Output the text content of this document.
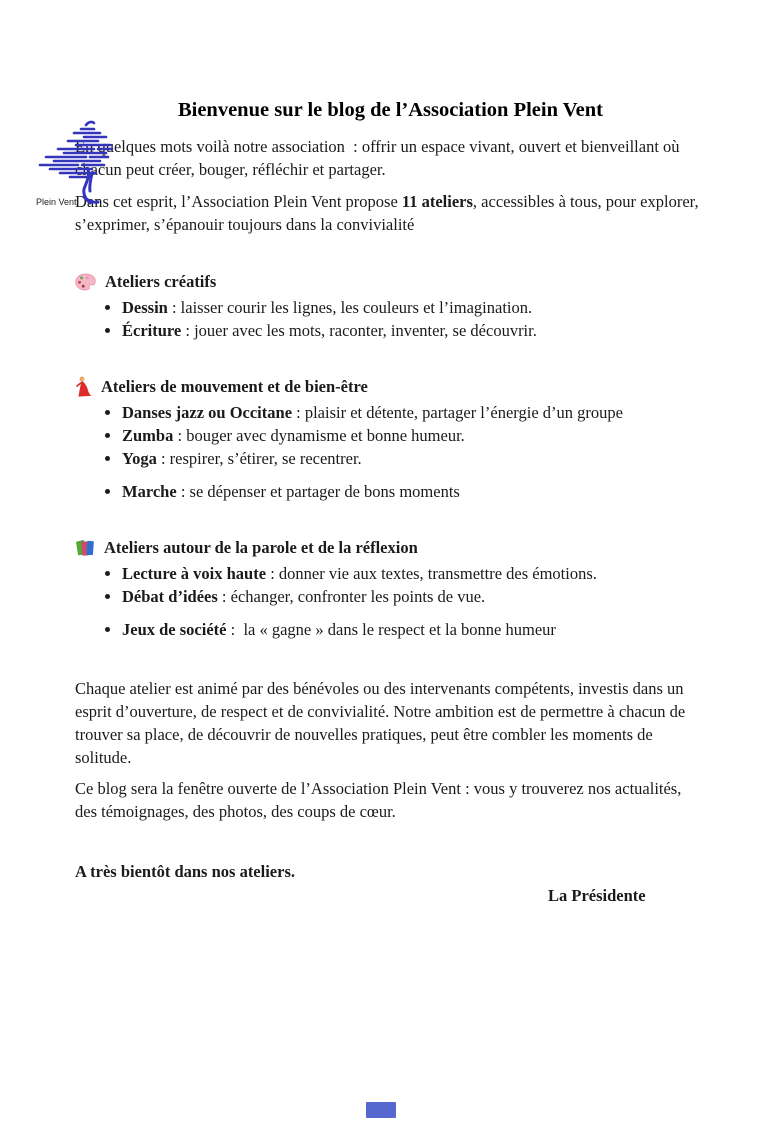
Plein Vent
Bienvenue sur le blog de l’Association Plein Vent

En quelques mots voilà notre association  : offrir un espace vivant, ouvert et bienveillant où chacun peut créer, bouger, réfléchir et partager.

Dans cet esprit, l’Association Plein Vent propose 11 ateliers, accessibles à tous, pour explorer, s’exprimer, s’épanouir toujours dans la convivialité

Ateliers créatifs
• Dessin : laisser courir les lignes, les couleurs et l’imagination.
• Écriture : jouer avec les mots, raconter, inventer, se découvrir.
Ateliers de mouvement et de bien-être
• Danses jazz ou Occitane : plaisir et détente, partager l’énergie d’un groupe
• Zumba : bouger avec dynamisme et bonne humeur.
• Yoga : respirer, s’étirer, se recentrer.
• Marche : se dépenser et partager de bons moments
Ateliers autour de la parole et de la réflexion
• Lecture à voix haute : donner vie aux textes, transmettre des émotions.
• Débat d’idées : échanger, confronter les points de vue.
• Jeux de société :  la « gagne » dans le respect et la bonne humeur

Chaque atelier est animé par des bénévoles ou des intervenants compétents, investis dans un esprit d’ouverture, de respect et de convivialité. Notre ambition est de permettre à chacun de trouver sa place, de découvrir de nouvelles pratiques, peut être combler les moments de solitude.

Ce blog sera la fenêtre ouverte de l’Association Plein Vent : vous y trouverez nos actualités, des témoignages, des photos, des coups de cœur.

A très bientôt dans nos ateliers.

La Présidente
